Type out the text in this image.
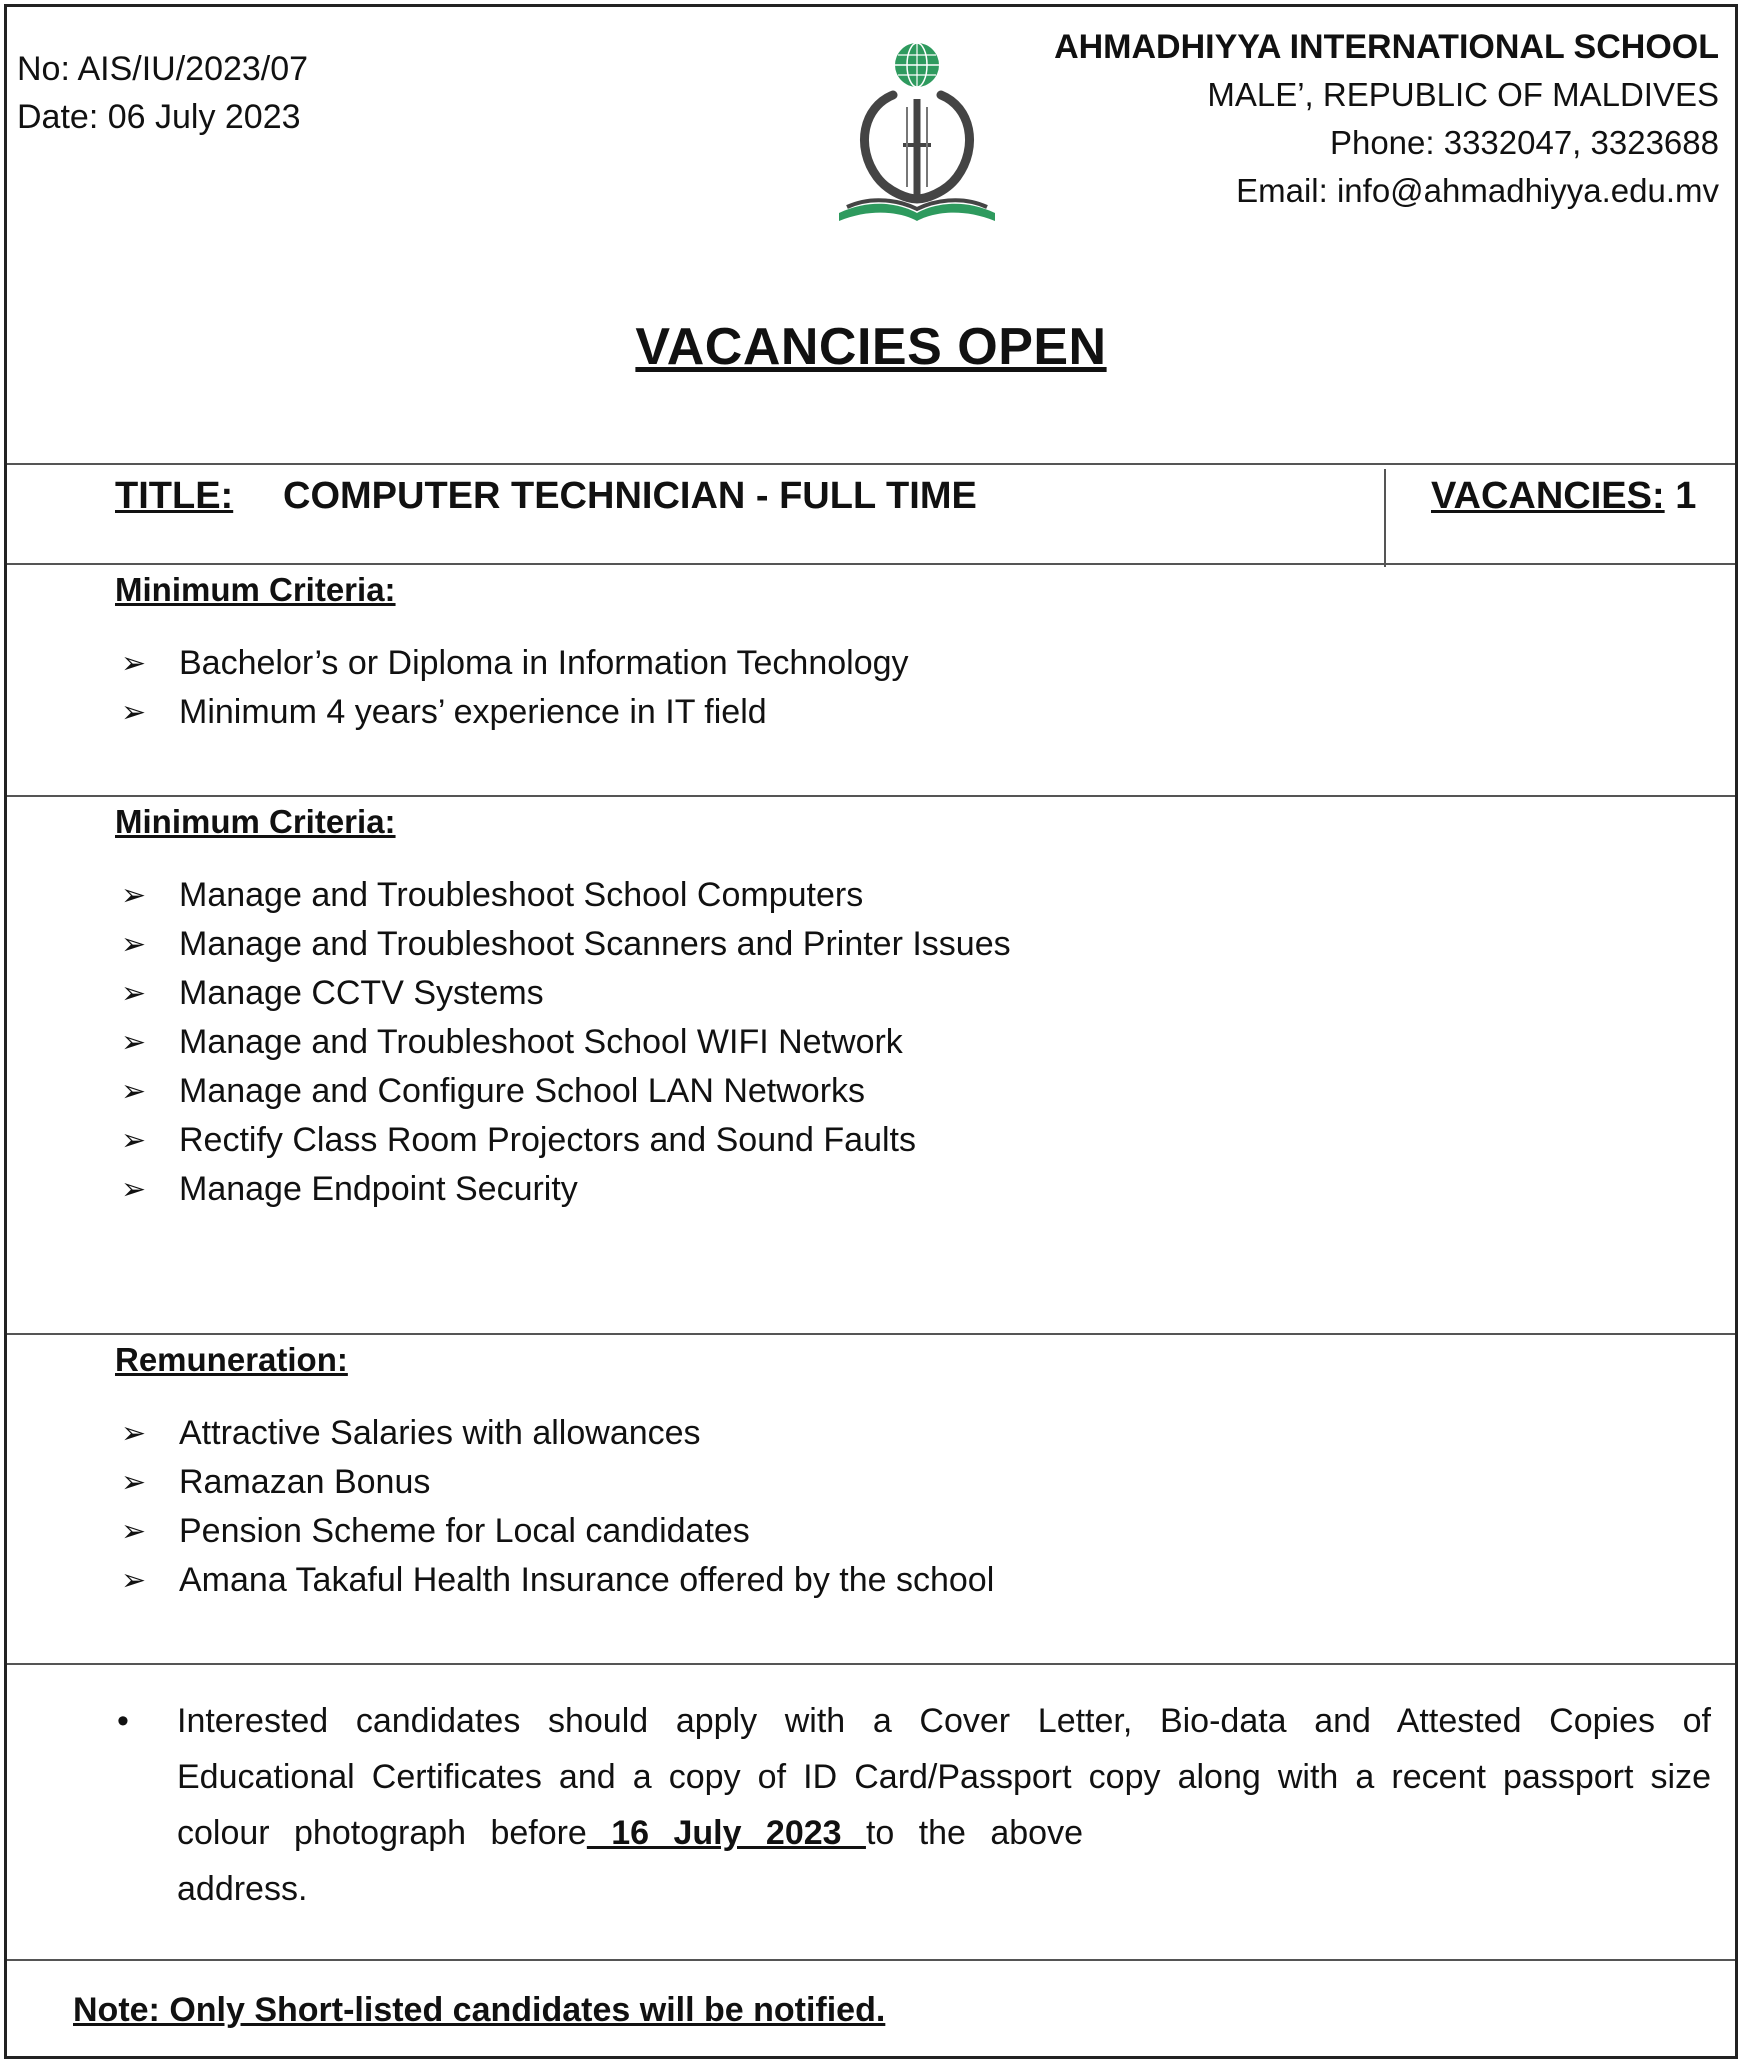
No: AIS/IU/2023/07
Date: 06 July 2023
AHMADHIYYA INTERNATIONAL SCHOOL
MALE’, REPUBLIC OF MALDIVES
Phone: 3332047, 3323688
Email: info@ahmadhiyya.edu.mv
VACANCIES OPEN
TITLE: COMPUTER TECHNICIAN - FULL TIME	VACANCIES: 1
Minimum Criteria:
➢ Bachelor’s or Diploma in Information Technology
➢ Minimum 4 years’ experience in IT field
Minimum Criteria:
➢ Manage and Troubleshoot School Computers
➢ Manage and Troubleshoot Scanners and Printer Issues
➢ Manage CCTV Systems
➢ Manage and Troubleshoot School WIFI Network
➢ Manage and Configure School LAN Networks
➢ Rectify Class Room Projectors and Sound Faults
➢ Manage Endpoint Security
Remuneration:
➢ Attractive Salaries with allowances
➢ Ramazan Bonus
➢ Pension Scheme for Local candidates
➢ Amana Takaful Health Insurance offered by the school
• Interested candidates should apply with a Cover Letter, Bio-data and Attested Copies of
Educational Certificates and a copy of ID Card/Passport copy along with a recent passport size
colour photograph before 16 July 2023 to the above
address.
Note: Only Short-listed candidates will be notified.
